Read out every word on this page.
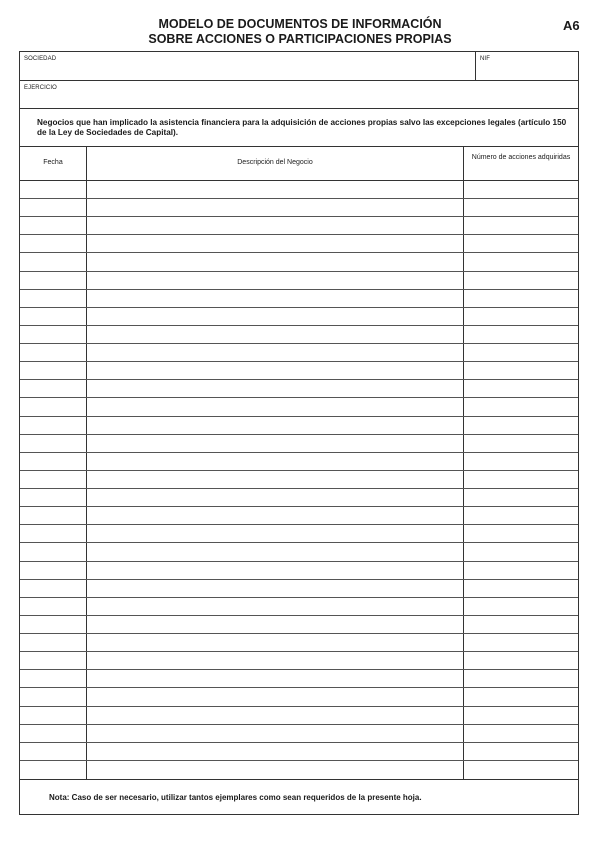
MODELO DE DOCUMENTOS DE INFORMACIÓN
SOBRE ACCIONES O PARTICIPACIONES PROPIAS
A6
SOCIEDAD	NIF
EJERCICIO
Negocios que han implicado la asistencia financiera para la adquisición de acciones propias salvo las excepciones legales (artículo 150 de la Ley de Sociedades de Capital).
Fecha	Descripción del Negocio
Número de acciones adquiridas
Nota: Caso de ser necesario, utilizar tantos ejemplares como sean requeridos de la presente hoja.
